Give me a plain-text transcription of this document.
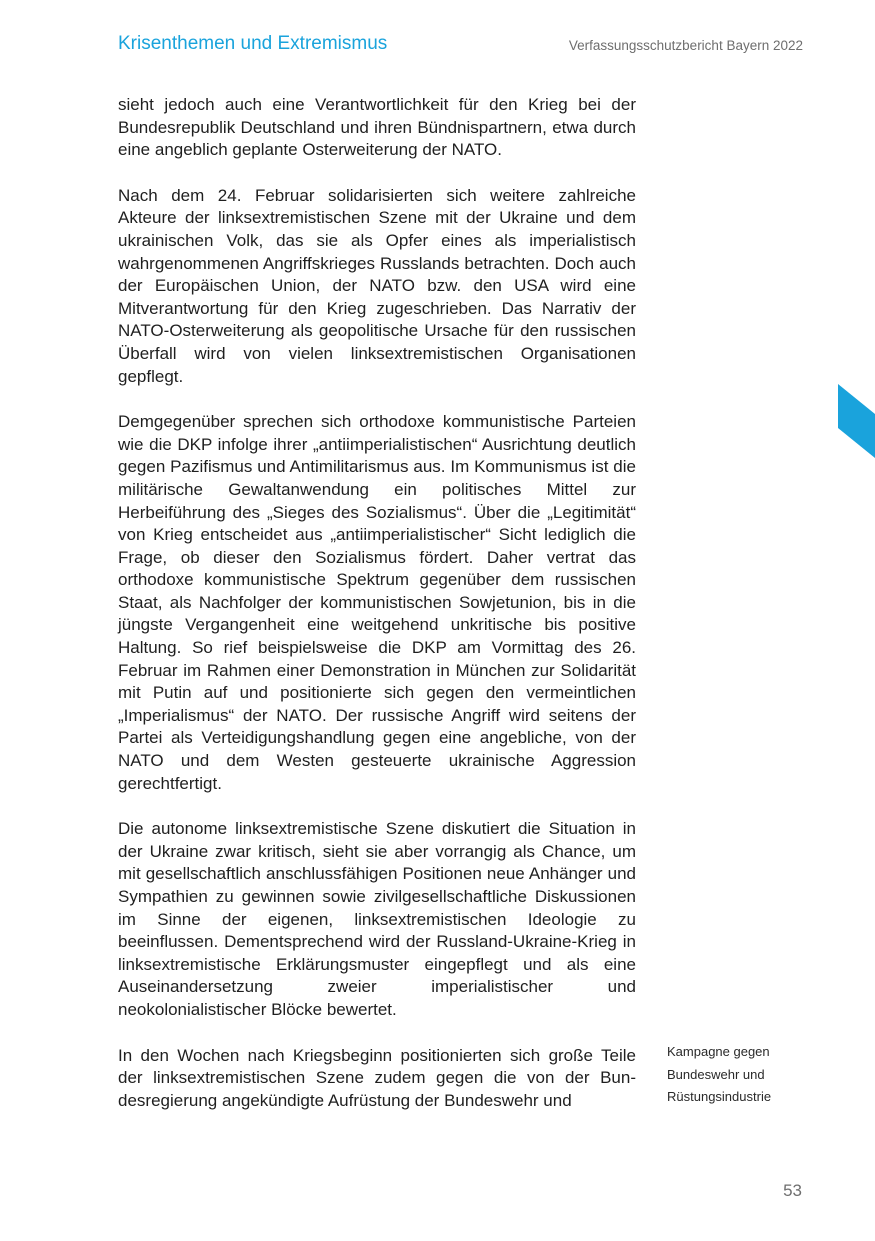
Krisenthemen und Extremismus	Verfassungsschutzbericht Bayern 2022

sieht jedoch auch eine Verantwortlichkeit für den Krieg bei der Bundesrepublik Deutschland und ihren Bündnispartnern, etwa durch eine angeblich geplante Osterweiterung der NATO.

Nach dem 24. Februar solidarisierten sich weitere zahlreiche Akteure der linksextremistischen Szene mit der Ukraine und dem ukrainischen Volk, das sie als Opfer eines als imperialistisch wahrgenommenen Angriffskrieges Russlands betrachten. Doch auch der Europäischen Union, der NATO bzw. den USA wird eine Mitverantwortung für den Krieg zugeschrieben. Das Narrativ der NATO-Osterweiterung als geopolitische Ursache für den russischen Überfall wird von vielen linksextremistischen Organisationen gepflegt.

Demgegenüber sprechen sich orthodoxe kommunistische Parteien wie die DKP infolge ihrer „antiimperialistischen“ Ausrichtung deutlich gegen Pazifismus und Antimilitarismus aus. Im Kommunismus ist die militärische Gewaltanwendung ein politisches Mittel zur Herbeiführung des „Sieges des Sozialismus“. Über die „Legitimität“ von Krieg entscheidet aus „antiimperialistischer“ Sicht lediglich die Frage, ob dieser den Sozialismus fördert. Daher vertrat das orthodoxe kommunistische Spektrum gegenüber dem russischen Staat, als Nachfolger der kommunistischen Sowjetunion, bis in die jüngste Vergangenheit eine weitgehend unkritische bis positive Haltung. So rief beispielsweise die DKP am Vormittag des 26. Februar im Rahmen einer Demonstration in München zur Solidarität mit Putin auf und positionierte sich gegen den vermeintlichen „Imperialismus“ der NATO. Der russische Angriff wird seitens der Partei als Verteidigungshandlung gegen eine angebliche, von der NATO und dem Westen gesteuerte ukrainische Aggression gerechtfertigt.

Die autonome linksextremistische Szene diskutiert die Situation in der Ukraine zwar kritisch, sieht sie aber vorrangig als Chance, um mit gesellschaftlich anschlussfähigen Positionen neue Anhänger und Sympathien zu gewinnen sowie zivilgesellschaftliche Diskussionen im Sinne der eigenen, linksextremistischen Ideologie zu beeinflussen. Dementsprechend wird der Russland-Ukraine-Krieg in linksextremistische Erklärungsmuster eingepflegt und als eine Auseinandersetzung zweier imperialistischer und neokolonialistischer Blöcke bewertet.

In den Wochen nach Kriegsbeginn positionierten sich große Teile der linksextremistischen Szene zudem gegen die von der Bundesregierung angekündigte Aufrüstung der Bundeswehr und

Kampagne gegen
Bundeswehr und
Rüstungsindustrie
53
